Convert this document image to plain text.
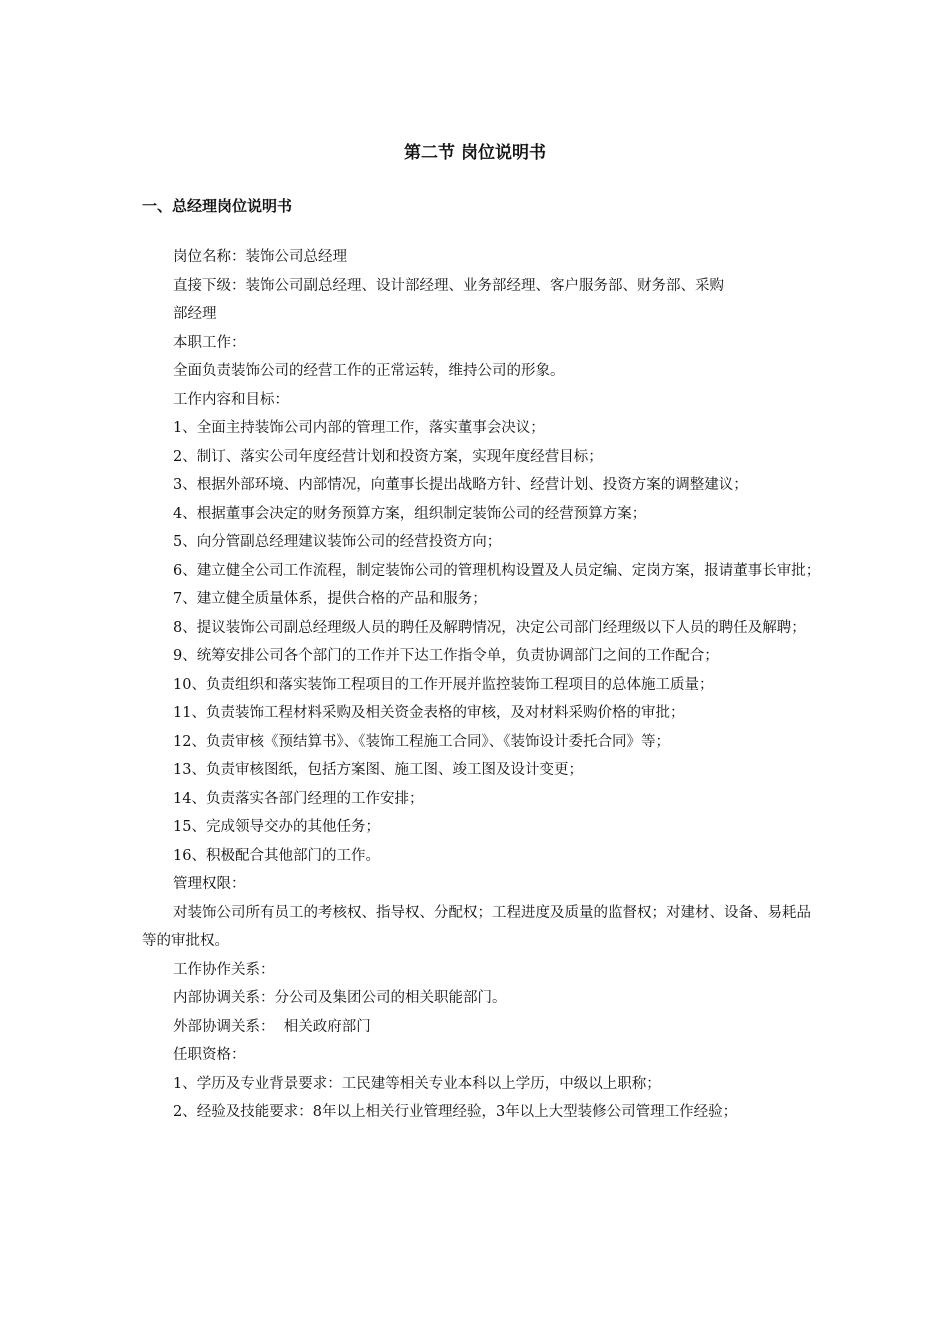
第二节 岗位说明书
一、总经理岗位说明书

岗位名称：装饰公司总经理

直接下级：装饰公司副总经理、设计部经理、业务部经理、客户服务部、财务部、采购
部经理

本职工作：

全面负责装饰公司的经营工作的正常运转，维持公司的形象。

工作内容和目标：

1、全面主持装饰公司内部的管理工作，落实董事会决议；

2、制订、落实公司年度经营计划和投资方案，实现年度经营目标；

3、根据外部环境、内部情况，向董事长提出战略方针、经营计划、投资方案的调整建议；

4、根据董事会决定的财务预算方案，组织制定装饰公司的经营预算方案；

5、向分管副总经理建议装饰公司的经营投资方向；

6、建立健全公司工作流程，制定装饰公司的管理机构设置及人员定编、定岗方案，报请董事长审批；

7、建立健全质量体系，提供合格的产品和服务；

8、提议装饰公司副总经理级人员的聘任及解聘情况，决定公司部门经理级以下人员的聘任及解聘；

9、统筹安排公司各个部门的工作并下达工作指令单，负责协调部门之间的工作配合；

10、负责组织和落实装饰工程项目的工作开展并监控装饰工程项目的总体施工质量；

11、负责装饰工程材料采购及相关资金表格的审核，及对材料采购价格的审批；

12、负责审核《预结算书》、《装饰工程施工合同》、《装饰设计委托合同》等；

13、负责审核图纸，包括方案图、施工图、竣工图及设计变更；

14、负责落实各部门经理的工作安排；

15、完成领导交办的其他任务；

16、积极配合其他部门的工作。

管理权限：

对装饰公司所有员工的考核权、指导权、分配权；工程进度及质量的监督权；对建材、设备、易耗品等的审批权。

工作协作关系：

内部协调关系：分公司及集团公司的相关职能部门。

外部协调关系：  相关政府部门

任职资格：

1、学历及专业背景要求：工民建等相关专业本科以上学历，中级以上职称；

2、经验及技能要求：8年以上相关行业管理经验，3年以上大型装修公司管理工作经验；
